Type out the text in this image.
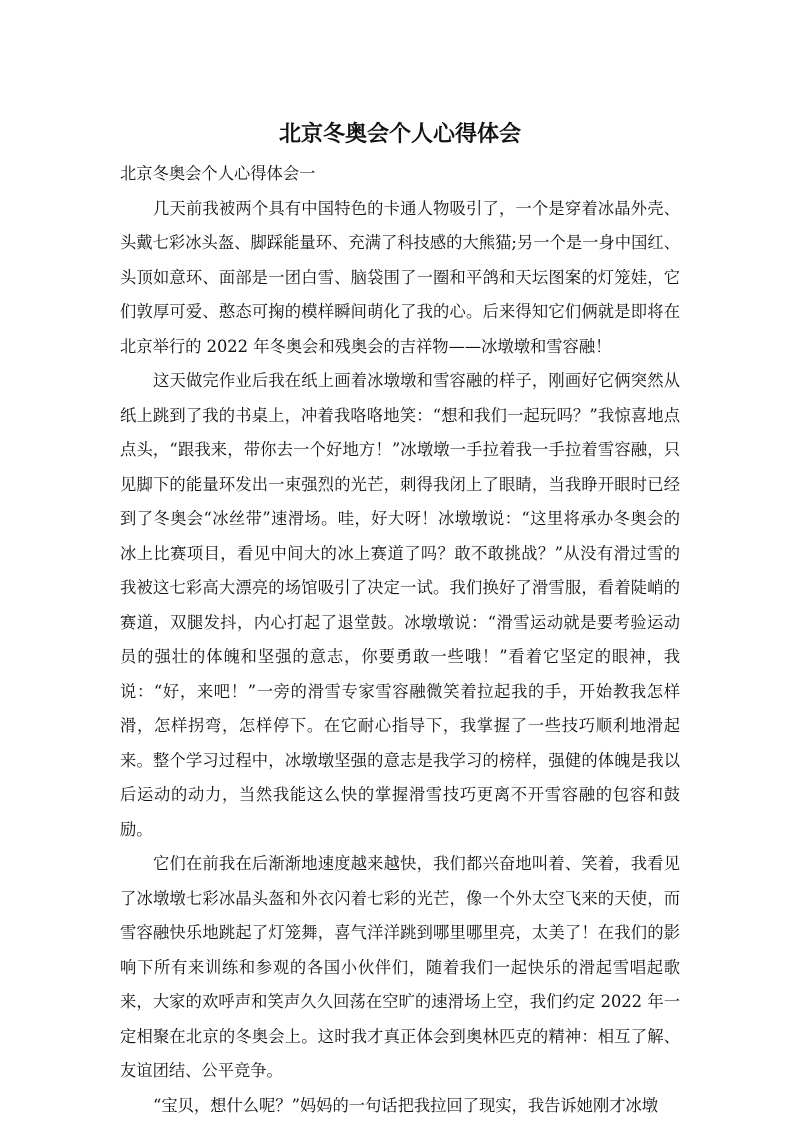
北京冬奥会个人心得体会

北京冬奥会个人心得体会一

几天前我被两个具有中国特色的卡通人物吸引了，一个是穿着冰晶外壳、头戴七彩冰头盔、脚踩能量环、充满了科技感的大熊猫;另一个是一身中国红、头顶如意环、面部是一团白雪、脑袋围了一圈和平鸽和天坛图案的灯笼娃，它们敦厚可爱、憨态可掬的模样瞬间萌化了我的心。后来得知它们俩就是即将在北京举行的 2022 年冬奥会和残奥会的吉祥物——冰墩墩和雪容融！

这天做完作业后我在纸上画着冰墩墩和雪容融的样子，刚画好它俩突然从纸上跳到了我的书桌上，冲着我咯咯地笑：“想和我们一起玩吗？”我惊喜地点点头，“跟我来，带你去一个好地方！”冰墩墩一手拉着我一手拉着雪容融，只见脚下的能量环发出一束强烈的光芒，刺得我闭上了眼睛，当我睁开眼时已经到了冬奥会“冰丝带”速滑场。哇，好大呀！冰墩墩说：“这里将承办冬奥会的冰上比赛项目，看见中间大的冰上赛道了吗？敢不敢挑战？”从没有滑过雪的我被这七彩高大漂亮的场馆吸引了决定一试。我们换好了滑雪服，看着陡峭的赛道，双腿发抖，内心打起了退堂鼓。冰墩墩说：“滑雪运动就是要考验运动员的强壮的体魄和坚强的意志，你要勇敢一些哦！”看着它坚定的眼神，我说：“好，来吧！”一旁的滑雪专家雪容融微笑着拉起我的手，开始教我怎样滑，怎样拐弯，怎样停下。在它耐心指导下，我掌握了一些技巧顺利地滑起来。整个学习过程中，冰墩墩坚强的意志是我学习的榜样，强健的体魄是我以后运动的动力，当然我能这么快的掌握滑雪技巧更离不开雪容融的包容和鼓励。

它们在前我在后渐渐地速度越来越快，我们都兴奋地叫着、笑着，我看见了冰墩墩七彩冰晶头盔和外衣闪着七彩的光芒，像一个外太空飞来的天使，而雪容融快乐地跳起了灯笼舞，喜气洋洋跳到哪里哪里亮，太美了！在我们的影响下所有来训练和参观的各国小伙伴们，随着我们一起快乐的滑起雪唱起歌来，大家的欢呼声和笑声久久回荡在空旷的速滑场上空，我们约定 2022 年一定相聚在北京的冬奥会上。这时我才真正体会到奥林匹克的精神：相互了解、友谊团结、公平竞争。

“宝贝，想什么呢？”妈妈的一句话把我拉回了现实，我告诉她刚才冰墩
